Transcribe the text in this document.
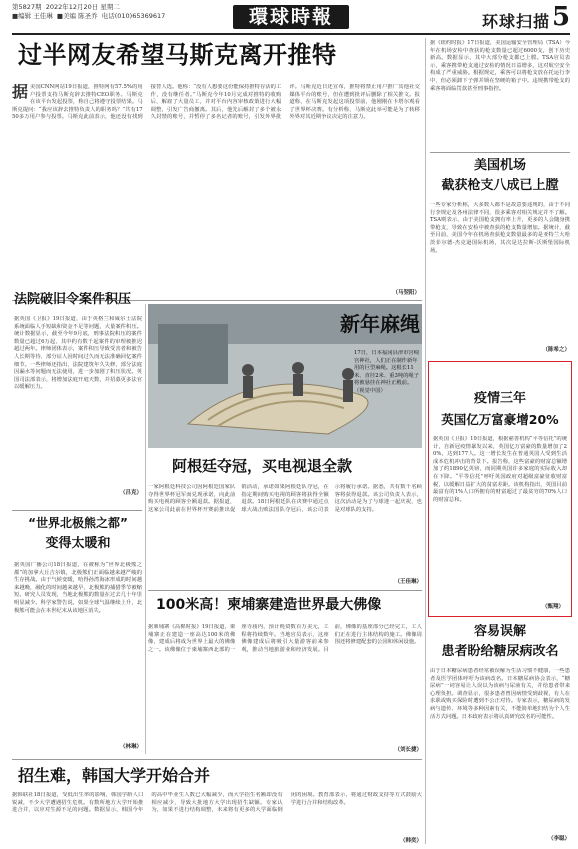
第5827期 2022年12月20日 星期二
■编辑 王佳琳 ■美编 陈圣乔 电话(010)65369617	環球時報	环球扫描 5
过半网友希望马斯克离开推特
据美国CNN网站19日报道，推特网有57.5%的用户投票支持马斯克辞去推特CEO职务。马斯克在该平台发起投票，称自己将遵守投票结果。马斯克提问：“我应该辞去推特负责人的职务吗？”共有1750多万用户参与投票。马斯克此前表示，他还没有找到接替人选。他称：“没有人想要这份能保持推特存活的工作，没有继任者。”马斯克今年10月完成对推特的收购后，解雇了大量员工，并对平台内容审核政策进行大幅调整，引发广告商撤离。其后，他先后解封了多个被永久封禁的账号，并暂停了多名记者的账号，引发外界批评。马斯克近日还宣布，推特将禁止用户推广其他社交媒体平台的账号，但在遭到批评后删除了相关推文。报道称，在马斯克发起这项投票前，他刚刚在卡塔尔观看了世界杯决赛。有分析称，马斯克此举可能是为了转移外界对其近期争议决定的注意力。
（马翌阳）
法院破旧令案件积压
据英国《卫报》19日报道，由于英格兰和威尔士法院系统面临人手短缺和资金不足等问题，大量案件积压。统计数据显示，截至今年9月底，刑事法院积压的案件数量已超过6万起，其中约有数千起案件的审理被推迟超过两年。律师团体表示，案件积压导致受害者和被告人长期等待，部分证人因时间过久而无法准确回忆案件细节。一些律师还指出，法院建筑年久失修，部分法庭因漏水等问题而无法使用，进一步加剧了积压状况。英国司法部表示，将增加法庭开庭天数，并招募更多法官以缓解压力。
（吕克）
新年麻绳
17日，日本福冈县津市宫崎宫神社，人们正在制作新年用的巨型麻绳。这根长11米、直径2米、重3吨的绳子将被悬挂在神社正殿前。（视觉中国）
阿根廷夺冠，买电视退全款
一家阿根廷科技公司因阿根廷国家队夺得世界杯冠军而兑现承诺，向此前购买电视的顾客全额退款。据报道，这家公司此前在世界杯开赛前推出促销活动，承诺如果阿根廷队夺冠，在指定期间购买电视的顾客将获得全额退款。18日阿根廷队在决赛中通过点球大战击败法国队夺冠后，该公司表示将履行承诺。据悉，共有数千名顾客将获得退款。该公司负责人表示，这次活动是为了与球迷一起庆祝，也是对球队的支持。
（王佳琳）
“世界北极熊之都”
变得太暖和
据英国广播公司18日报道，在被称为“世界北极熊之都”的加拿大丘吉尔镇，北极熊们正面临越来越严峻的生存挑战。由于气候变暖，哈得孙湾海冰形成的时间越来越晚，融化的时间越来越早，北极熊的捕猎季节被缩短。研究人员发现，当地北极熊的数量在过去几十年里明显减少。科学家警告说，如果全球气温继续上升，北极熊可能会在本世纪末从该地区消失。
（林琳）
100米高！柬埔寨建造世界最大佛像
据柬埔寨《高棉时报》19日报道，柬埔寨正在建造一座高达100米的佛像，建成后将成为世界上最大的佛像之一。该佛像位于柬埔寨西北部的一座寺庙内，预计耗资数百万美元，工程将持续数年。当地官员表示，这座佛像建成后将吸引大量游客前来参观，推动当地旅游业和经济发展。目前，佛像的基座部分已经完工，工人们正在进行主体结构的施工。佛像周围还将修建配套的公园和休闲设施。
（刘长捷）
招生难，韩国大学开始合并
据韩联社18日报道，受低出生率的影响，韩国学龄人口锐减，不少大学遭遇招生危机。有数所地方大学开始推进合并，以应对生源不足的问题。数据显示，韩国今年的高中毕业生人数已大幅减少，而大学招生名额却没有相应减少，导致大批地方大学出现招生缺额。专家认为，如果不进行结构调整，未来将有更多的大学面临倒闭的困境。教育部表示，将通过财政支持等方式鼓励大学进行合并和结构改革。
（韩奕）
据《纽约时报》17日报道，美国运输安全管理局（TSA）今年在机场安检中查获的枪支数量已超过6000支，创下历史新高。数据显示，其中大部分枪支都已上膛。TSA官员表示，乘客携带枪支通过安检的情况日益增多，这对航空安全构成了严重威胁。根据规定，乘客可以将枪支放在托运行李中，但必须卸下子弹并锁在坚硬的箱子中。违规携带枪支的乘客将面临罚款甚至刑事指控。
美国机场
截获枪支八成已上膛
一些专家分析称，大多数人都不是故意要违规的，由于不同行李规定及各州法律不同，很多乘客对相关规定并不了解。TSA则表示，由于美国枪支拥有率上升，更多的人会随身携带枪支，导致在安检中被查获的枪支数量增加。据统计，截至目前，美国今年在机场查获枪支数量最多的是亚特兰大哈茨菲尔德-杰克逊国际机场，其次是达拉斯-沃斯堡国际机场。
（陈希之）
疫情三年
英国亿万富豪增20%
据英国《卫报》19日报道，根据慈善机构“平等信托”的统计，自新冠疫情暴发以来，英国亿万富豪的数量增加了20%，达到177人。这一增长发生在普通英国人受到生活成本危机冲击的背景下。报告称，这些富豪的财富总额增加了约1890亿英镑，而同期英国许多家庭的实际收入却在下降。“平等信托”呼吁英国政府对超级富豪征收财富税，以缓解日益扩大的贫富差距。该机构指出，英国目前最富有的1%人口所拥有的财富超过了最贫穷的70%人口的财富总和。
（甄翔）
容易误解
患者盼给糖尿病改名
由于日本糖尿病患者经常被误解为生活习惯不健康，一些患者及医学团体呼吁为该病改名。日本糖尿病协会表示，“糖尿病”一词容易让人误以为该病与尿液有关，并给患者带来心理负担。调查显示，很多患者曾因病情受到歧视，有人在求职或购买保险时遭到不公正对待。专家表示，糖尿病的发病与遗传、环境等多种因素有关，不能简单地归结为个人生活方式问题。日本政府表示将认真研究改名的可能性。
（李聪）
